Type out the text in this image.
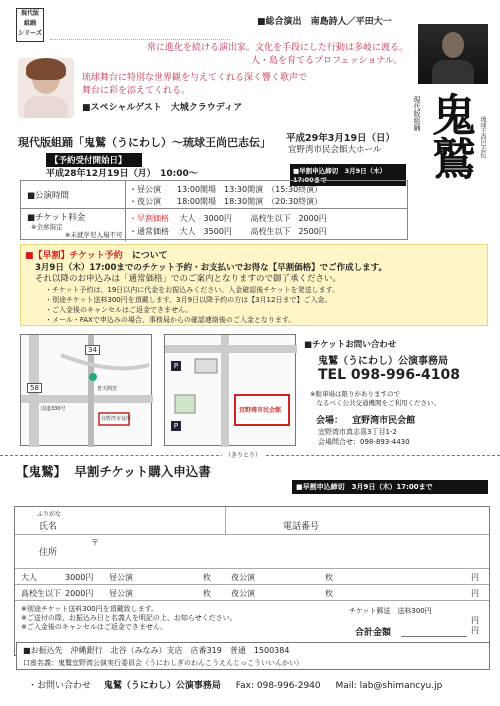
現代版
組踊
シリーズ
■総合演出 南島詩人／平田大一
常に進化を続ける演出家。文化を手段にした行動は多岐に渡る。
人・島を育てるプロフェッショナル。
琉球舞台に特別な世界観を与えてくれる深く響く歌声で
舞台に彩を添えてくれる。
■スペシャルゲスト　大城クラウディア	現代版組踊 鬼鷲 琉球王尚巴志伝
現代版組踊「鬼鷲（うにわし）～琉球王尚巴志伝」 平成29年3月19日（日）
宜野湾市民会館大ホール
【予約受付開始日】
平成28年12月19日（月）　10:00～	■早割申込締切　3月9日（木）17:00まで
■公演時間
・昼公演　　13:00開場　13:30開演　（15:30終演）
・夜公演　　18:00開場　18:30開演　（20:30終演）
■チケット料金
※全席指定
※未就学児入場不可
・早割価格 大人　3000円 高校生以下　2000円
・通常価格 大人　3500円 高校生以下　2500円
■【早割】チケット予約 について
3月9日（木）17:00までのチケット予約・お支払いでお得な【早割価格】でご作成します。
それ以降のお申込みは「通常価格」でのご案内となりますので御了承ください。
・チケット予約は、19日以内に代金をお振込みください。入金確認後チケットを発送します。
・別途チケット送料300円を頂戴します。3月9日以降予約の方は【3月12日まで】ご入金。
・ご入金後のキャンセルはご返金できません。
・メール・FAXで申込みの場合、事務局からの確認連絡後のご入金となります。
58
34
宜野湾市役所
普天間宮
国道330号
P
P
宜野湾市民会館
■チケットお問い合わせ
鬼鷲（うにわし）公演事務局
TEL 098-996-4108
※駐車場は限りがありますので
　なるべく公共交通機関をご利用ください。
会場： 宜野湾市民会館
宜野湾市真志喜3丁目1-2
会場問合せ：098-893-4430
（きりとり）
【鬼鷲】 早割チケット購入申込書
■早割申込締切　3月9日（木）17:00まで
ふりがな
氏名	電話番号
住所
〒
大人	3000円 昼公演	枚	夜公演	枚	円
高校生以下 2000円 昼公演	枚	夜公演	枚	円
※別途チケット送料300円を頂戴致します。
※ご送付の際、お振込み日と名義人を明記の上、お知らせください。
※ご入金後のキャンセルはご返金できません。
チケット郵送　送料300円
円
合計金額	円
■お振込先　沖縄銀行　北谷（みなみ）支店　店番319　普通　1500384
口座名義：鬼鷲宜野湾公演実行委員会（うにわしぎのわんこうえんじっこういいんかい）
・お問い合わせ 鬼鷲（うにわし）公演事務局 Fax: 098-996-2940 Mail: lab@shimancyu.jp
